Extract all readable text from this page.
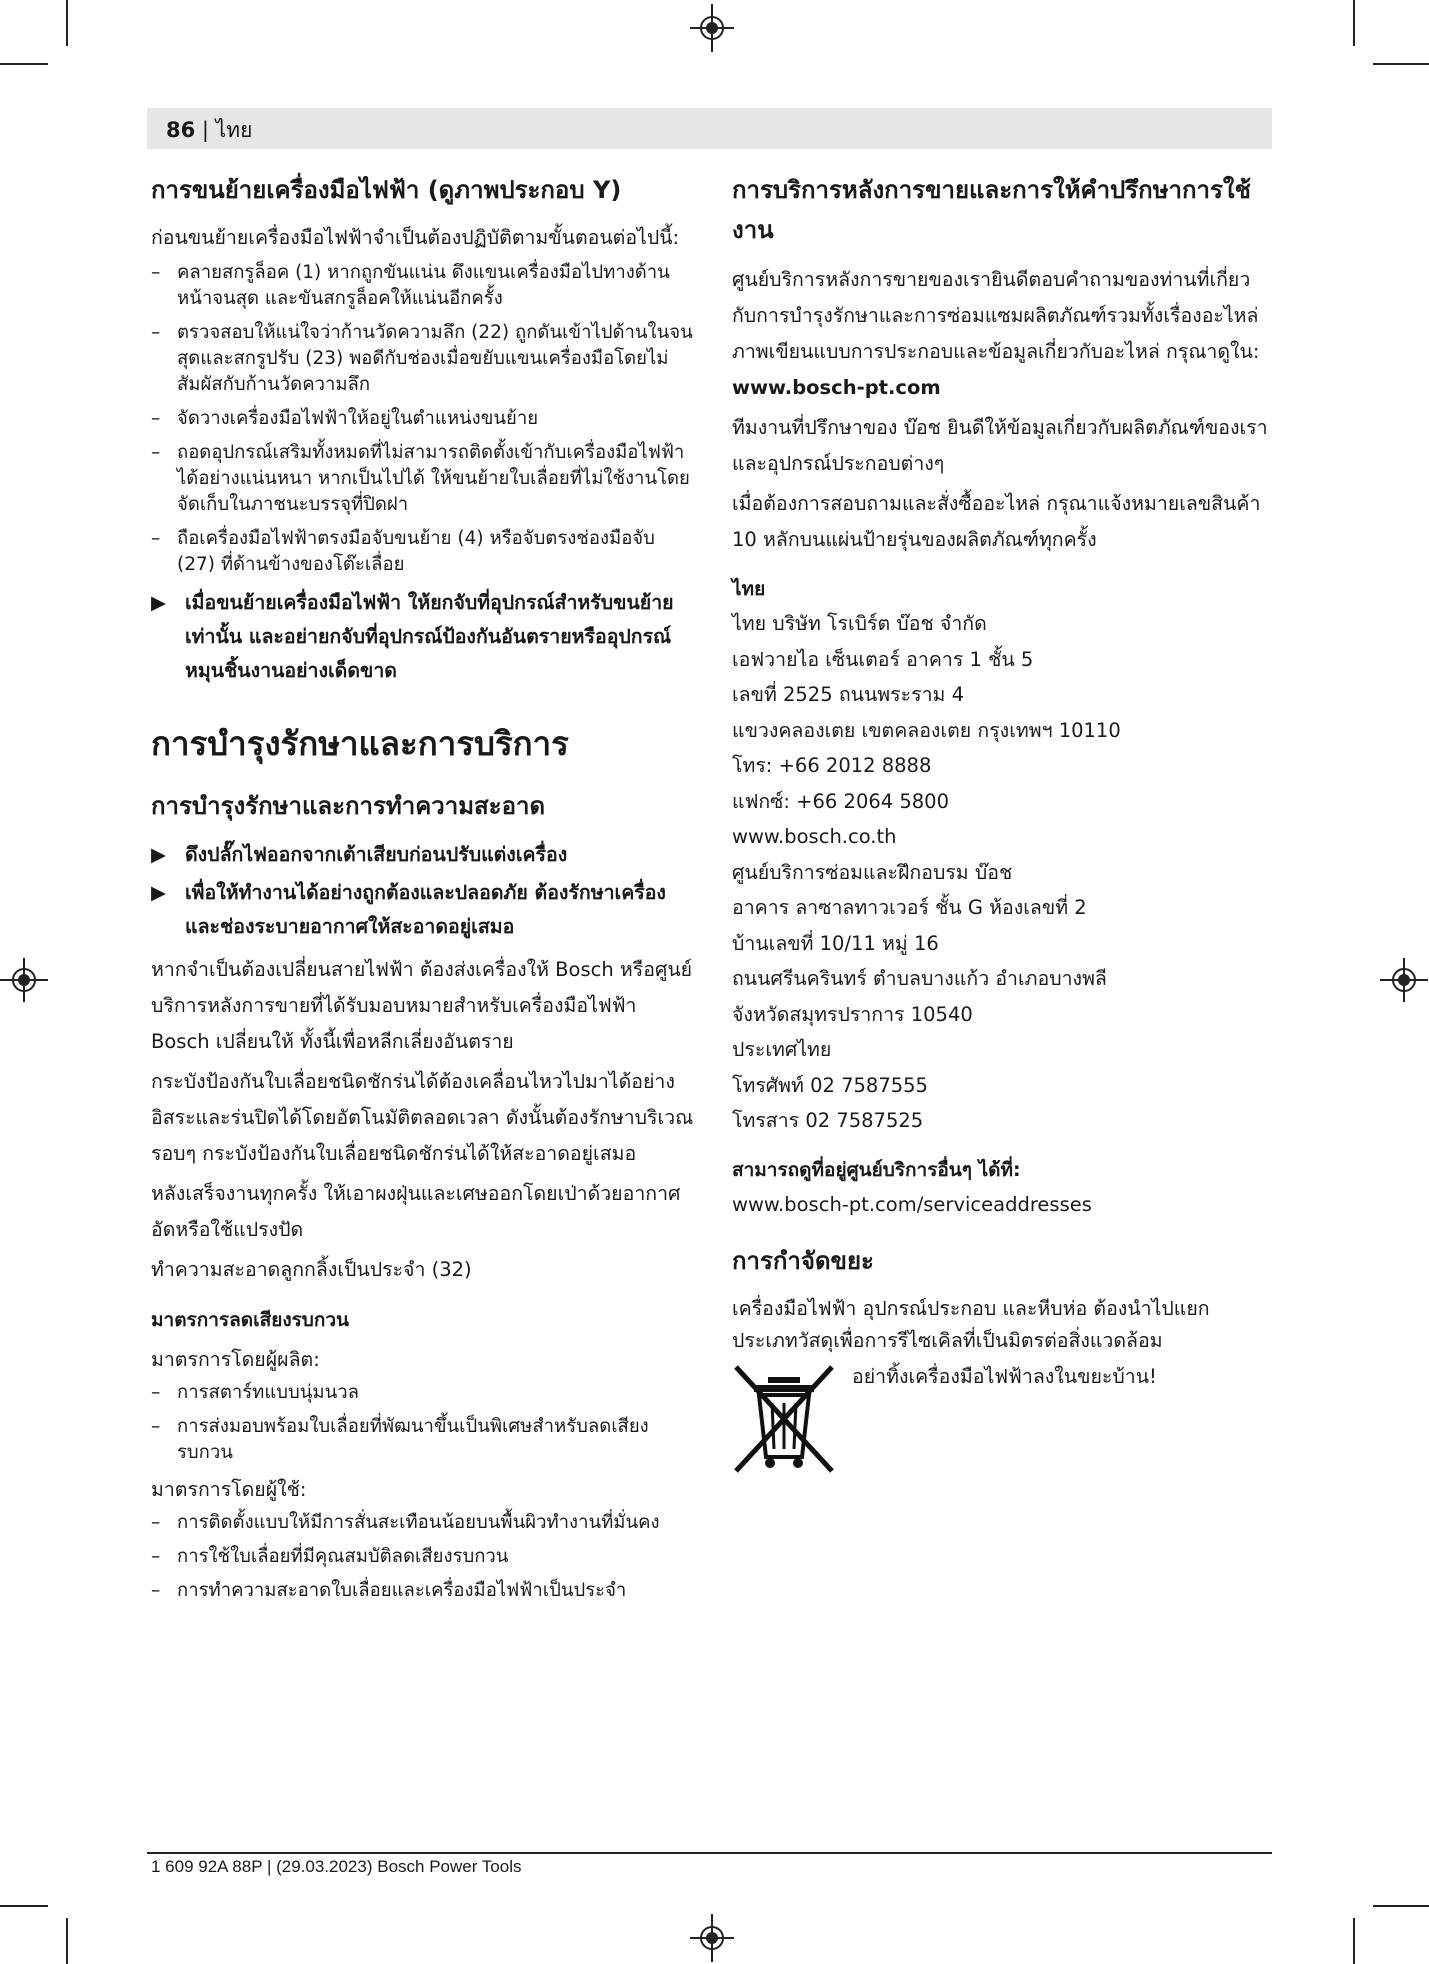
86 | ไทย
การขนย้ายเครื่องมือไฟฟ้า (ดูภาพประกอบ Y)

ก่อนขนย้ายเครื่องมือไฟฟ้าจำเป็นต้องปฏิบัติตามขั้นตอนต่อไปนี้:

– คลายสกรูล็อค (1) หากถูกขันแน่น ดึงแขนเครื่องมือไปทางด้านหน้าจนสุด และขันสกรูล็อคให้แน่นอีกครั้ง
– ตรวจสอบให้แน่ใจว่าก้านวัดความลึก (22) ถูกดันเข้าไปด้านในจนสุดและสกรูปรับ (23) พอดีกับช่องเมื่อขยับแขนเครื่องมือโดยไม่สัมผัสกับก้านวัดความลึก
– จัดวางเครื่องมือไฟฟ้าให้อยู่ในตำแหน่งขนย้าย
– ถอดอุปกรณ์เสริมทั้งหมดที่ไม่สามารถติดตั้งเข้ากับเครื่องมือไฟฟ้าได้อย่างแน่นหนา หากเป็นไปได้ ให้ขนย้ายใบเลื่อยที่ไม่ใช้งานโดยจัดเก็บในภาชนะบรรจุที่ปิดฝา
– ถือเครื่องมือไฟฟ้าตรงมือจับขนย้าย (4) หรือจับตรงช่องมือจับ (27) ที่ด้านข้างของโต๊ะเลื่อย
▶ เมื่อขนย้ายเครื่องมือไฟฟ้า ให้ยกจับที่อุปกรณ์สำหรับขนย้ายเท่านั้น และอย่ายกจับที่อุปกรณ์ป้องกันอันตรายหรืออุปกรณ์หมุนชิ้นงานอย่างเด็ดขาด
การบำรุงรักษาและการบริการ
การบำรุงรักษาและการทำความสะอาด
▶ ดึงปลั๊กไฟออกจากเต้าเสียบก่อนปรับแต่งเครื่อง
▶ เพื่อให้ทำงานได้อย่างถูกต้องและปลอดภัย ต้องรักษาเครื่องและช่องระบายอากาศให้สะอาดอยู่เสมอ

หากจำเป็นต้องเปลี่ยนสายไฟฟ้า ต้องส่งเครื่องให้ Bosch หรือศูนย์บริการหลังการขายที่ได้รับมอบหมายสำหรับเครื่องมือไฟฟ้า Bosch เปลี่ยนให้ ทั้งนี้เพื่อหลีกเลี่ยงอันตราย

กระบังป้องกันใบเลื่อยชนิดชักร่นได้ต้องเคลื่อนไหวไปมาได้อย่างอิสระและร่นปิดได้โดยอัตโนมัติตลอดเวลา ดังนั้นต้องรักษาบริเวณรอบๆ กระบังป้องกันใบเลื่อยชนิดชักร่นได้ให้สะอาดอยู่เสมอ

หลังเสร็จงานทุกครั้ง ให้เอาผงฝุ่นและเศษออกโดยเป่าด้วยอากาศอัดหรือใช้แปรงปัด

ทำความสะอาดลูกกลิ้งเป็นประจำ (32)

มาตรการลดเสียงรบกวน

มาตรการโดยผู้ผลิต:

– การสตาร์ทแบบนุ่มนวล
– การส่งมอบพร้อมใบเลื่อยที่พัฒนาขึ้นเป็นพิเศษสำหรับลดเสียงรบกวน

มาตรการโดยผู้ใช้:

– การติดตั้งแบบให้มีการสั่นสะเทือนน้อยบนพื้นผิวทำงานที่มั่นคง
– การใช้ใบเลื่อยที่มีคุณสมบัติลดเสียงรบกวน
– การทำความสะอาดใบเลื่อยและเครื่องมือไฟฟ้าเป็นประจำ
การบริการหลังการขายและการให้คำปรึกษาการใช้งาน

ศูนย์บริการหลังการขายของเรายินดีตอบคำถามของท่านที่เกี่ยวกับการบำรุงรักษาและการซ่อมแซมผลิตภัณฑ์รวมทั้งเรื่องอะไหล่ ภาพเขียนแบบการประกอบและข้อมูลเกี่ยวกับอะไหล่ กรุณาดูใน: www.bosch-pt.com

ทีมงานที่ปรึกษาของ บ๊อช ยินดีให้ข้อมูลเกี่ยวกับผลิตภัณฑ์ของเราและอุปกรณ์ประกอบต่างๆ

เมื่อต้องการสอบถามและสั่งซื้ออะไหล่ กรุณาแจ้งหมายเลขสินค้า 10 หลักบนแผ่นป้ายรุ่นของผลิตภัณฑ์ทุกครั้ง

ไทย

ไทย บริษัท โรเบิร์ต บ๊อช จำกัด

เอฟวายไอ เซ็นเตอร์ อาคาร 1 ชั้น 5

เลขที่ 2525 ถนนพระราม 4

แขวงคลองเตย เขตคลองเตย กรุงเทพฯ 10110

โทร: +66 2012 8888

แฟกซ์: +66 2064 5800

www.bosch.co.th

ศูนย์บริการซ่อมและฝึกอบรม บ๊อช

อาคาร ลาซาลทาวเวอร์ ชั้น G ห้องเลขที่ 2

บ้านเลขที่ 10/11 หมู่ 16

ถนนศรีนครินทร์ ตำบลบางแก้ว อำเภอบางพลี

จังหวัดสมุทรปราการ 10540

ประเทศไทย

โทรศัพท์ 02 7587555

โทรสาร 02 7587525

สามารถดูที่อยู่ศูนย์บริการอื่นๆ ได้ที่:

www.bosch-pt.com/serviceaddresses

การกำจัดขยะ

เครื่องมือไฟฟ้า อุปกรณ์ประกอบ และหีบห่อ ต้องนำไปแยกประเภทวัสดุเพื่อการรีไซเคิลที่เป็นมิตรต่อสิ่งแวดล้อม

อย่าทิ้งเครื่องมือไฟฟ้าลงในขยะบ้าน!
1 609 92A 88P | (29.03.2023) Bosch Power Tools
